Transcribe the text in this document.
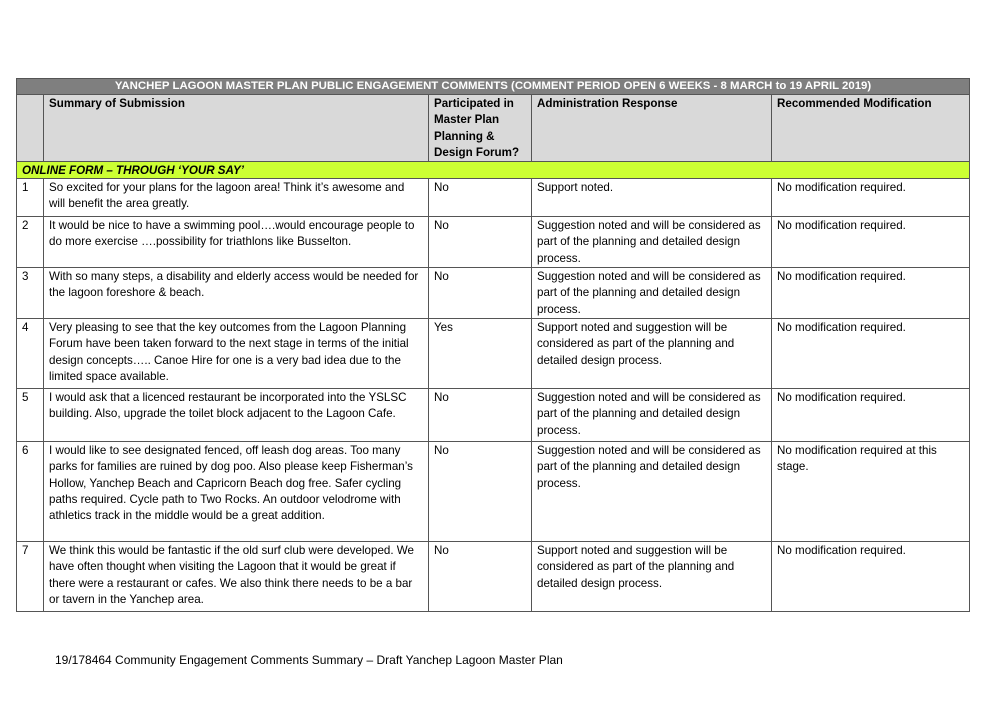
YANCHEP LAGOON MASTER PLAN PUBLIC ENGAGEMENT COMMENTS (COMMENT PERIOD OPEN 6 WEEKS - 8 MARCH to 19 APRIL 2019)				
	Summary of Submission	Participated in Master Plan Planning & Design Forum?	Administration Response	Recommended Modification
ONLINE FORM – THROUGH ‘YOUR SAY’				
1	So excited for your plans for the lagoon area! Think it’s awesome and will benefit the area greatly.	No	Support noted.	No modification required.
2	It would be nice to have a swimming pool….would encourage people to do more exercise ….possibility for triathlons like Busselton.	No	Suggestion noted and will be considered as part of the planning and detailed design process.	No modification required.
3	With so many steps, a disability and elderly access would be needed for the lagoon foreshore & beach.	No	Suggestion noted and will be considered as part of the planning and detailed design process.	No modification required.
4	Very pleasing to see that the key outcomes from the Lagoon Planning Forum have been taken forward to the next stage in terms of the initial design concepts….. Canoe Hire for one is a very bad idea due to the limited space available.	Yes	Support noted and suggestion will be considered as part of the planning and detailed design process.	No modification required.
5	I would ask that a licenced restaurant be incorporated into the YSLSC building. Also, upgrade the toilet block adjacent to the Lagoon Cafe.	No	Suggestion noted and will be considered as part of the planning and detailed design process.	No modification required.
6	I would like to see designated fenced, off leash dog areas. Too many parks for families are ruined by dog poo. Also please keep Fisherman’s Hollow, Yanchep Beach and Capricorn Beach dog free. Safer cycling paths required. Cycle path to Two Rocks. An outdoor velodrome with athletics track in the middle would be a great addition.	No	Suggestion noted and will be considered as part of the planning and detailed design process.	No modification required at this stage.
7	We think this would be fantastic if the old surf club were developed. We have often thought when visiting the Lagoon that it would be great if there were a restaurant or cafes. We also think there needs to be a bar or tavern in the Yanchep area.	No	Support noted and suggestion will be considered as part of the planning and detailed design process.	No modification required.
19/178464 Community Engagement Comments Summary – Draft Yanchep Lagoon Master Plan
